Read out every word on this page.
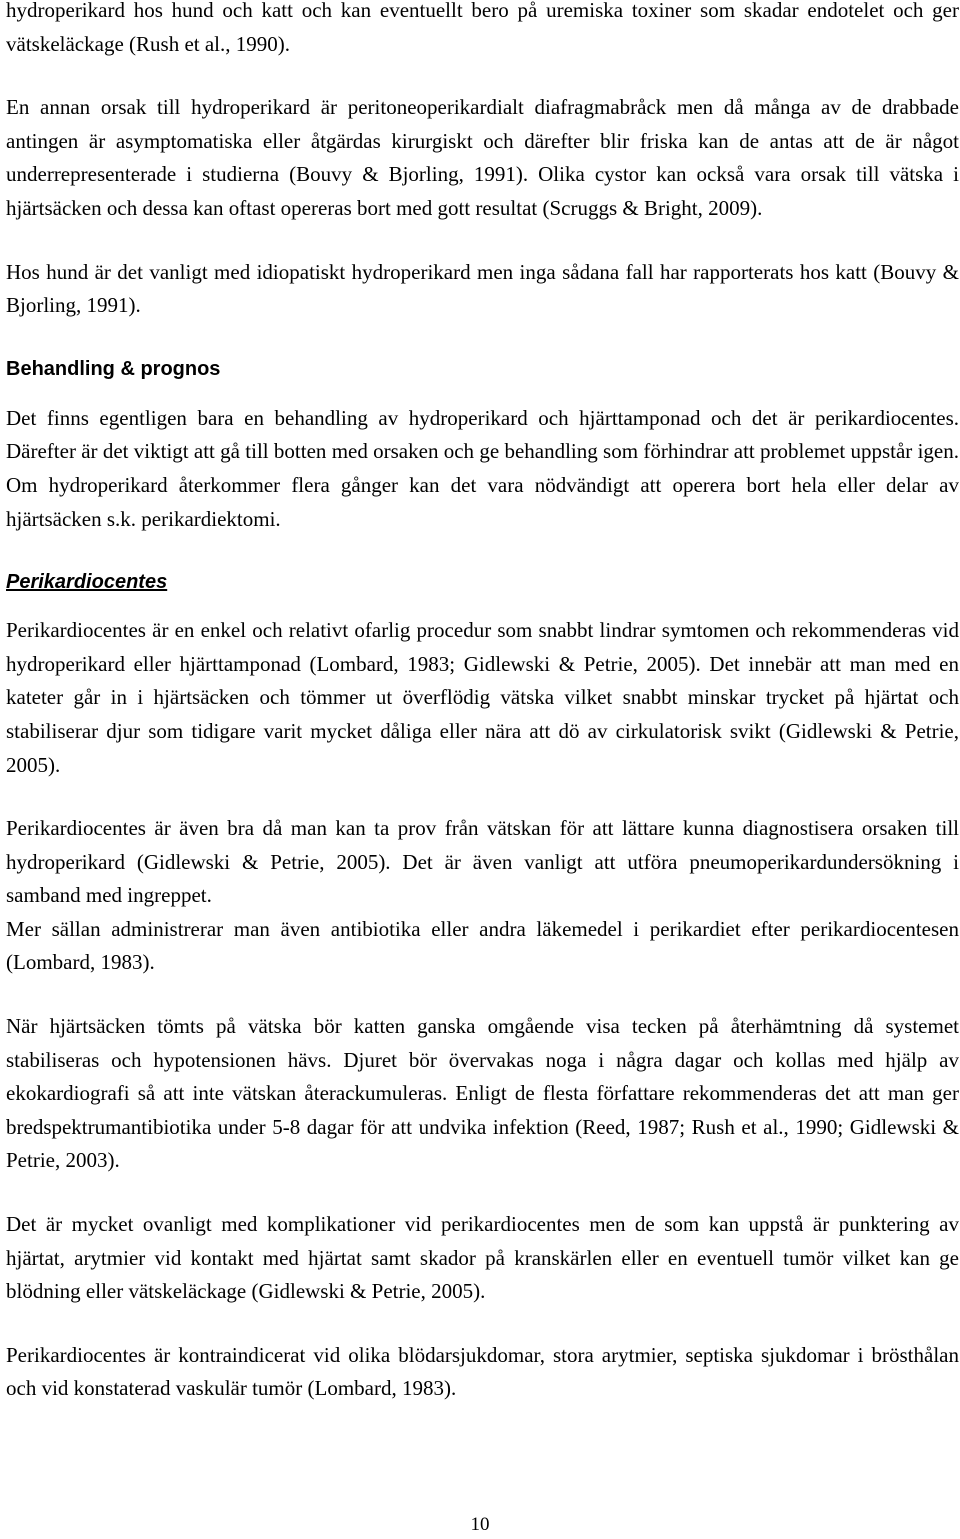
hydroperikard hos hund och katt och kan eventuellt bero på uremiska toxiner som skadar endotelet och ger vätskeläckage (Rush et al., 1990).

En annan orsak till hydroperikard är peritoneoperikardialt diafragmabråck men då många av de drabbade antingen är asymptomatiska eller åtgärdas kirurgiskt och därefter blir friska kan de antas att de är något underrepresenterade i studierna (Bouvy & Bjorling, 1991). Olika cystor kan också vara orsak till vätska i hjärtsäcken och dessa kan oftast opereras bort med gott resultat (Scruggs & Bright, 2009).

Hos hund är det vanligt med idiopatiskt hydroperikard men inga sådana fall har rapporterats hos katt (Bouvy & Bjorling, 1991).

Behandling & prognos

Det finns egentligen bara en behandling av hydroperikard och hjärttamponad och det är perikardiocentes. Därefter är det viktigt att gå till botten med orsaken och ge behandling som förhindrar att problemet uppstår igen. Om hydroperikard återkommer flera gånger kan det vara nödvändigt att operera bort hela eller delar av hjärtsäcken s.k. perikardiektomi.

Perikardiocentes

Perikardiocentes är en enkel och relativt ofarlig procedur som snabbt lindrar symtomen och rekommenderas vid hydroperikard eller hjärttamponad (Lombard, 1983; Gidlewski & Petrie, 2005). Det innebär att man med en kateter går in i hjärtsäcken och tömmer ut överflödig vätska vilket snabbt minskar trycket på hjärtat och stabiliserar djur som tidigare varit mycket dåliga eller nära att dö av cirkulatorisk svikt (Gidlewski & Petrie, 2005).

Perikardiocentes är även bra då man kan ta prov från vätskan för att lättare kunna diagnostisera orsaken till hydroperikard (Gidlewski & Petrie, 2005). Det är även vanligt att utföra pneumoperikardundersökning i samband med ingreppet.

Mer sällan administrerar man även antibiotika eller andra läkemedel i perikardiet efter perikardiocentesen (Lombard, 1983).

När hjärtsäcken tömts på vätska bör katten ganska omgående visa tecken på återhämtning då systemet stabiliseras och hypotensionen hävs. Djuret bör övervakas noga i några dagar och kollas med hjälp av ekokardiografi så att inte vätskan återackumuleras. Enligt de flesta författare rekommenderas det att man ger bredspektrumantibiotika under 5-8 dagar för att undvika infektion (Reed, 1987; Rush et al., 1990; Gidlewski & Petrie, 2003).

Det är mycket ovanligt med komplikationer vid perikardiocentes men de som kan uppstå är punktering av hjärtat, arytmier vid kontakt med hjärtat samt skador på kranskärlen eller en eventuell tumör vilket kan ge blödning eller vätskeläckage (Gidlewski & Petrie, 2005).

Perikardiocentes är kontraindicerat vid olika blödarsjukdomar, stora arytmier, septiska sjukdomar i brösthålan och vid konstaterad vaskulär tumör (Lombard, 1983).

10
